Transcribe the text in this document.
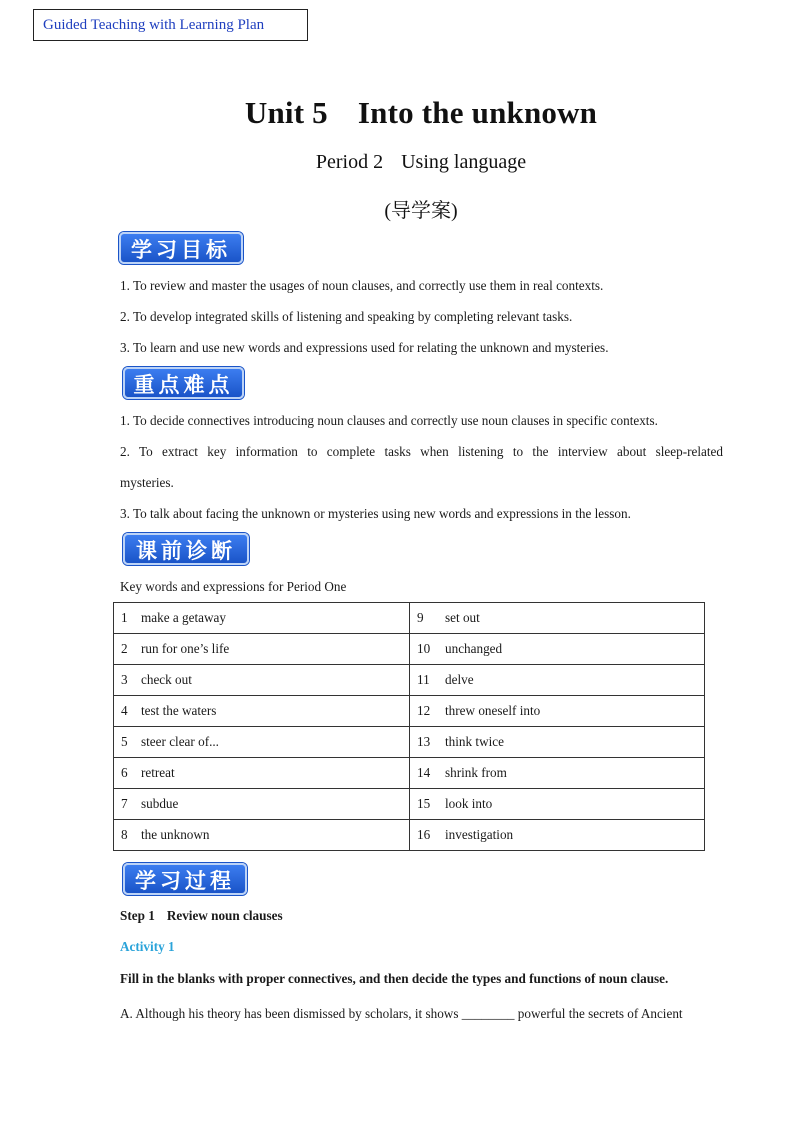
Guided Teaching with Learning Plan
Unit 5 Into the unknown
Period 2 Using language
(导学案)
学习目标
1. To review and master the usages of noun clauses, and correctly use them in real contexts.
2. To develop integrated skills of listening and speaking by completing relevant tasks.
3. To learn and use new words and expressions used for relating the unknown and mysteries.
重点难点
1. To decide connectives introducing noun clauses and correctly use noun clauses in specific contexts.
2. To extract key information to complete tasks when listening to the interview about sleep-related
mysteries.
3. To talk about facing the unknown or mysteries using new words and expressions in the lesson.
课前诊断
Key words and expressions for Period One
1 make a getaway	9 set out
2 run for one’s life	10 unchanged
3 check out	11 delve
4 test the waters	12 threw oneself into
5 steer clear of...	13 think twice
6 retreat	14 shrink from
7 subdue	15 look into
8 the unknown	16 investigation
学习过程
Step 1 Review noun clauses
Activity 1
Fill in the blanks with proper connectives, and then decide the types and functions of noun clause.
A. Although his theory has been dismissed by scholars, it shows ________ powerful the secrets of Ancient
